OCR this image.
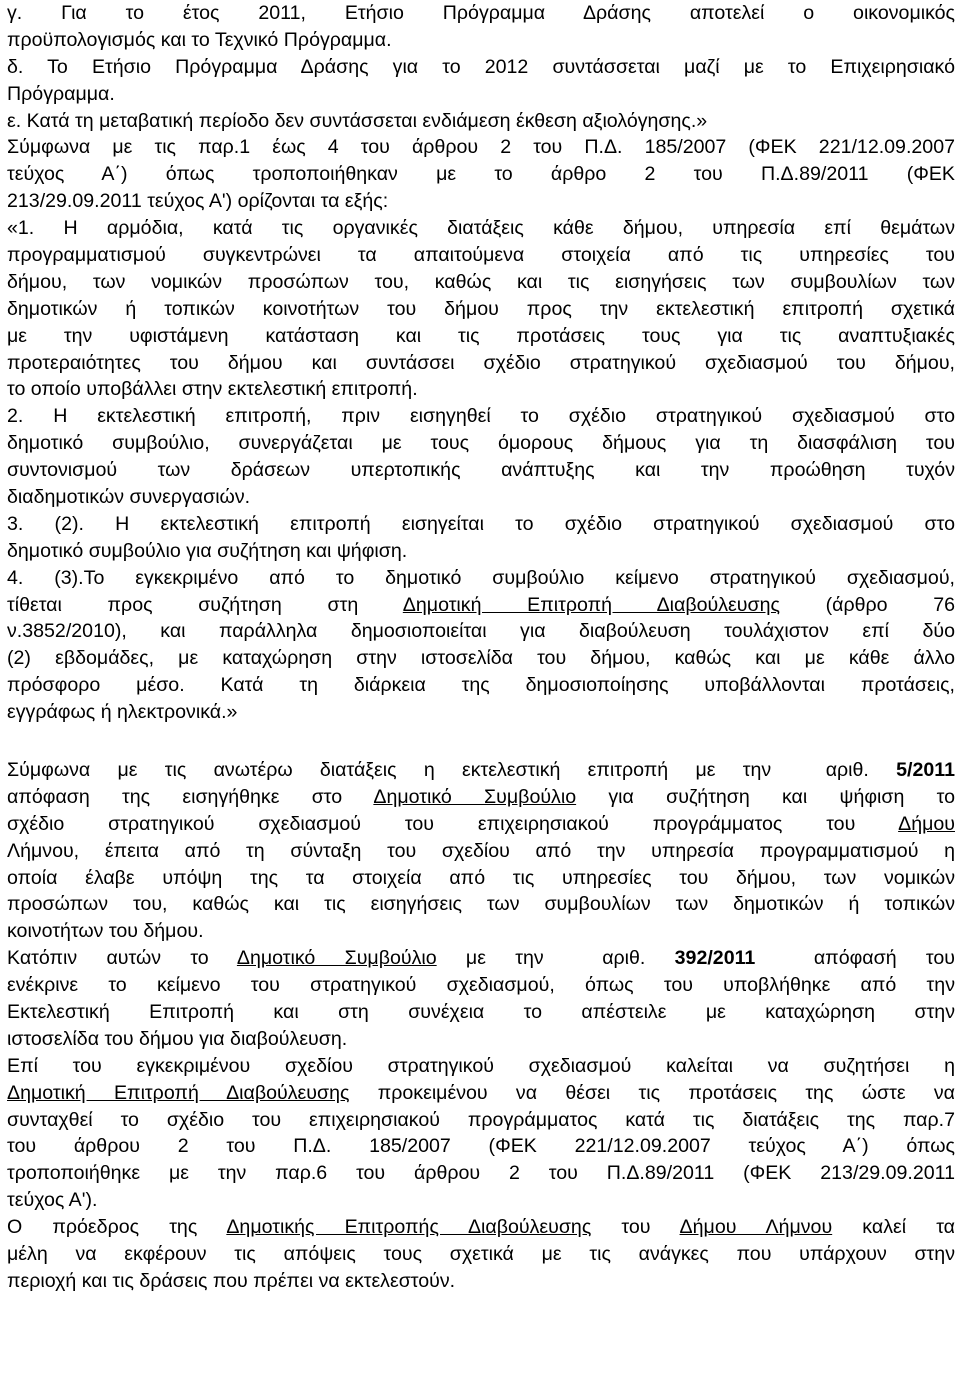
γ. Για το έτος 2011, Ετήσιο Πρόγραμμα Δράσης αποτελεί ο οικονομικός
προϋπολογισμός και το Τεχνικό Πρόγραμμα.
δ. Το Ετήσιο Πρόγραμμα Δράσης για το 2012 συντάσσεται μαζί με το Επιχειρησιακό
Πρόγραμμα.
ε. Κατά τη μεταβατική περίοδο δεν συντάσσεται ενδιάμεση έκθεση αξιολόγησης.»
Σύμφωνα με τις παρ.1 έως 4 του άρθρου 2 του Π.Δ. 185/2007 (ΦΕΚ 221/12.09.2007
τεύχος Α΄) όπως τροποποιήθηκαν με το άρθρο 2 του Π.Δ.89/2011 (ΦΕΚ
213/29.09.2011 τεύχος Α') ορίζονται τα εξής:
«1. Η αρμόδια, κατά τις οργανικές διατάξεις κάθε δήμου, υπηρεσία επί θεμάτων
προγραμματισμού συγκεντρώνει τα απαιτούμενα στοιχεία από τις υπηρεσίες του
δήμου, των νομικών προσώπων του, καθώς και τις εισηγήσεις των συμβουλίων των
δημοτικών ή τοπικών κοινοτήτων του δήμου προς την εκτελεστική επιτροπή σχετικά
με την υφιστάμενη κατάσταση και τις προτάσεις τους για τις αναπτυξιακές
προτεραιότητες του δήμου και συντάσσει σχέδιο στρατηγικού σχεδιασμού του δήμου,
το οποίο υποβάλλει στην εκτελεστική επιτροπή.
2. Η εκτελεστική επιτροπή, πριν εισηγηθεί το σχέδιο στρατηγικού σχεδιασμού στο
δημοτικό συμβούλιο, συνεργάζεται με τους όμορους δήμους για τη διασφάλιση του
συντονισμού των δράσεων υπερτοπικής ανάπτυξης και την προώθηση τυχόν
διαδημοτικών συνεργασιών.
3. (2). Η εκτελεστική επιτροπή εισηγείται το σχέδιο στρατηγικού σχεδιασμού στο
δημοτικό συμβούλιο για συζήτηση και ψήφιση.
4. (3).Το εγκεκριμένο από το δημοτικό συμβούλιο κείμενο στρατηγικού σχεδιασμού,
τίθεται προς συζήτηση στη Δημοτική Επιτροπή Διαβούλευσης (άρθρο 76
ν.3852/2010), και παράλληλα δημοσιοποιείται για διαβούλευση τουλάχιστον επί δύο
(2) εβδομάδες, με καταχώρηση στην ιστοσελίδα του δήμου, καθώς και με κάθε άλλο
πρόσφορο μέσο. Κατά τη διάρκεια της δημοσιοποίησης υποβάλλονται προτάσεις,
εγγράφως ή ηλεκτρονικά.»
Σύμφωνα με τις ανωτέρω διατάξεις η εκτελεστική επιτροπή με την  αριθ. 5/2011
απόφαση της εισηγήθηκε στο Δημοτικό Συμβούλιο για συζήτηση και ψήφιση το
σχέδιο στρατηγικού σχεδιασμού του επιχειρησιακού προγράμματος του Δήμου
Λήμνου, έπειτα από τη σύνταξη του σχεδίου από την υπηρεσία προγραμματισμού η
οποία έλαβε υπόψη της τα στοιχεία από τις υπηρεσίες του δήμου, των νομικών
προσώπων του, καθώς και τις εισηγήσεις των συμβουλίων των δημοτικών ή τοπικών
κοινοτήτων του δήμου.
Κατόπιν αυτών το Δημοτικό Συμβούλιο με την  αριθ. 392/2011  απόφασή του
ενέκρινε το κείμενο του στρατηγικού σχεδιασμού, όπως του υποβλήθηκε από την
Εκτελεστική Επιτροπή και στη συνέχεια το απέστειλε με καταχώρηση στην
ιστοσελίδα του δήμου για διαβούλευση.
Επί του εγκεκριμένου σχεδίου στρατηγικού σχεδιασμού καλείται να συζητήσει η
Δημοτική Επιτροπή Διαβούλευσης προκειμένου να θέσει τις προτάσεις της ώστε να
συνταχθεί το σχέδιο του επιχειρησιακού προγράμματος κατά τις διατάξεις της παρ.7
του άρθρου 2 του Π.Δ. 185/2007 (ΦΕΚ 221/12.09.2007 τεύχος Α΄) όπως
τροποποιήθηκε με την παρ.6 του άρθρου 2 του Π.Δ.89/2011 (ΦΕΚ 213/29.09.2011
τεύχος Α').
Ο πρόεδρος της Δημοτικής Επιτροπής Διαβούλευσης του Δήμου Λήμνου καλεί τα
μέλη να εκφέρουν τις απόψεις τους σχετικά με τις ανάγκες που υπάρχουν στην
περιοχή και τις δράσεις που πρέπει να εκτελεστούν.
